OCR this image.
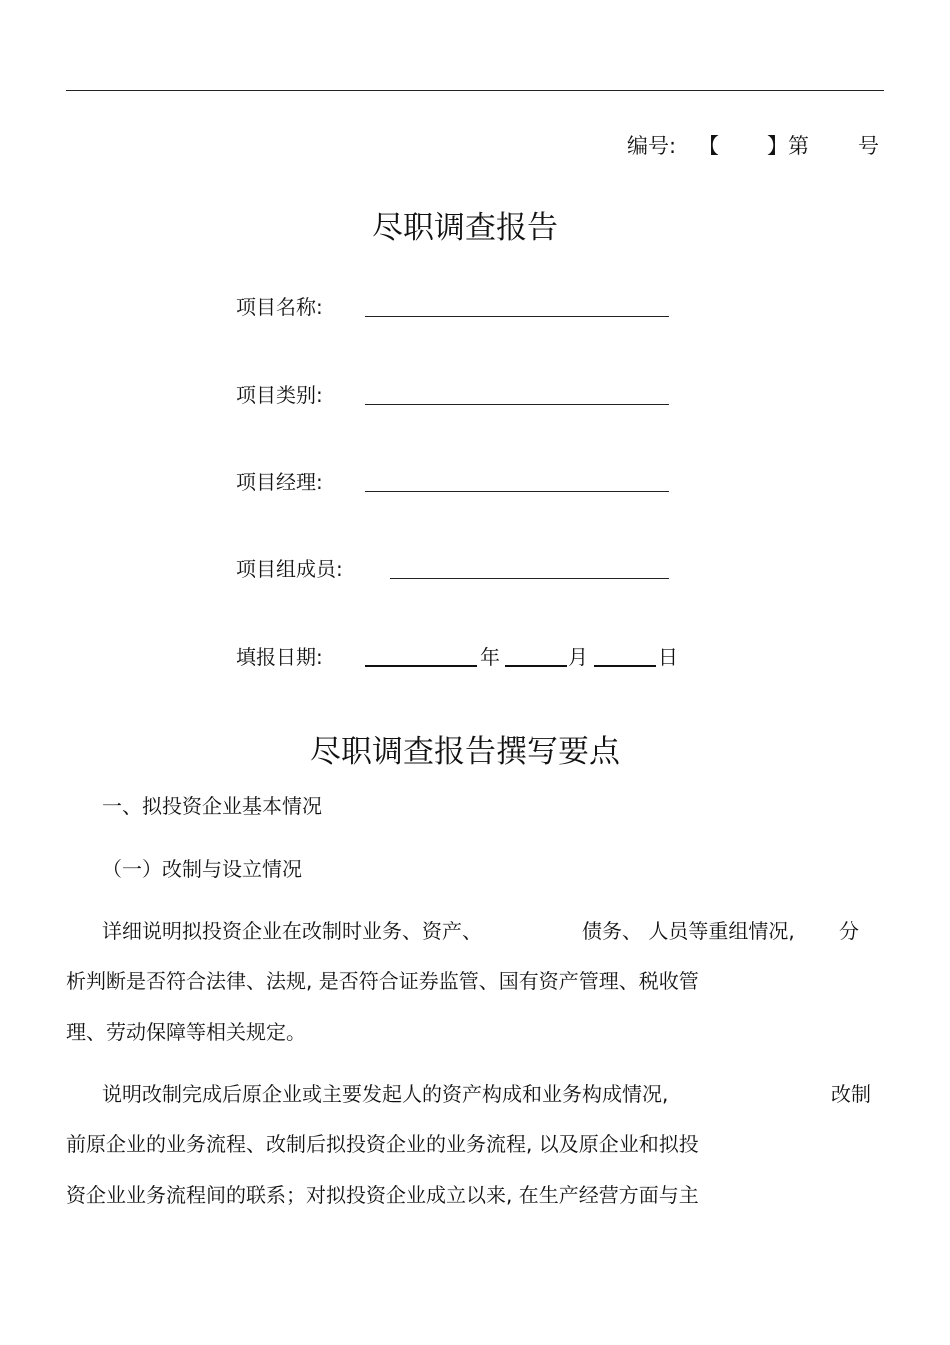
编号: 【 】第 号
尽职调查报告
项目名称:
项目类别:
项目经理:
项目组成员:
填报日期:	年	月	日
尽职调查报告撰写要点
一、拟投资企业基本情况
（一）改制与设立情况
详细说明拟投资企业在改制时业务、资产、	债务、 人员等重组情况, 分
析判断是否符合法律、法规, 是否符合证券监管、国有资产管理、税收管
理、劳动保障等相关规定。
说明改制完成后原企业或主要发起人的资产构成和业务构成情况,	改制
前原企业的业务流程、改制后拟投资企业的业务流程, 以及原企业和拟投
资企业业务流程间的联系；对拟投资企业成立以来, 在生产经营方面与主
